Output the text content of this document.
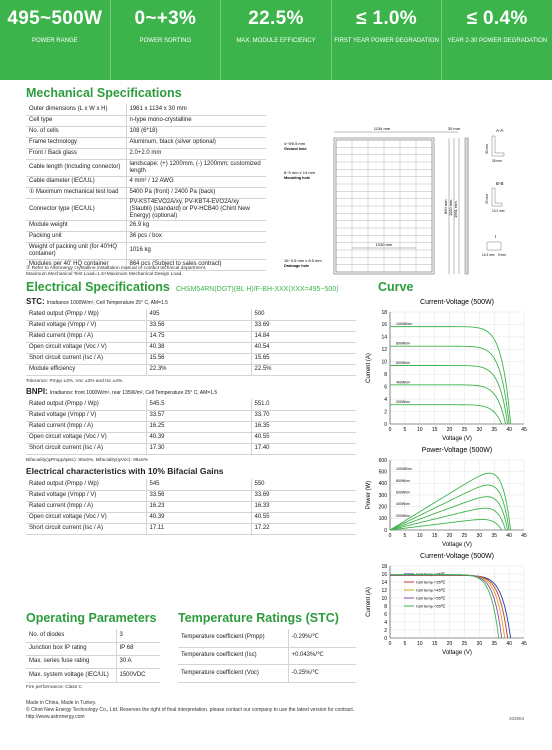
495~500W
POWER RANGE
0~+3%
POWER SORTING
22.5%
MAX. MODULE EFFICIENCY
≤ 1.0%
FIRST YEAR POWER DEGRADATION
≤ 0.4%
YEAR 2-30 POWER DEGRADATION
Mechanical Specifications
Outer dimensions (L x W x H)	1961 x 1134 x 30 mm
Cell type	n-type mono-crystalline
No. of cells	108 (6*18)
Frame technology	Aluminum, black (silver optional)
Front / Back glass	2.0+2.0 mm
Cable length (Including connector)	landscape: (+) 1200mm, (-) 1200mm; customized length
Cable diameter (IEC/UL)	4 mm² / 12 AWG
① Maximum mechanical test load	5400 Pa (front) / 2400 Pa (back)
Connector type (IEC/UL)	PV-KST4EVO2A/xy, PV-KBT4-EVO2A/xy (Staubli) (standard) or PV-HCB40 (Chint New Energy) (optional)
Module weight	26.9 kg
Packing unit	36 pcs / box
Weight of packing unit (for 40'HQ container)	1016 kg
Modules per 40' HQ container	864 pcs (Subject to sales contract)
① Refer to Astronergy crystalline installation manual or contact technical department.
Maximum Mechanical Test Load=1.5×Maximum Mechanical Design Load.
1134 mm	30 mm
4~Φ5.5 mm
Ground hole
8~9 mm x 14 mm
Mounting hole
16~3.5 mm x 8.5 mm
Drainage hole
1030 mm
860 mm 1100 mm 1961 mm
A-A
B-B
28 mm
30 mm
35 mm
13.2 mm
I
14.3 mm 9 mm
Electrical Specifications CHSM54RN(DGT)(BL H)/F-BH-XXX(XXX=495~500)
STC: Irradiance 1000W/m², Cell Temperature 25° C, AM=1.5
Rated output (Pmpp / Wp)	495	500
Rated voltage (Vmpp / V)	33.56	33.69
Rated current (Impp / A)	14.75	14.84
Open circuit voltage (Voc / V)	40.38	40.54
Short circuit current (Isc / A)	15.56	15.65
Module efficiency	22.3%	22.5%
Tolerance: Pmpp ±3%, Voc ±3% and Isc ±4%.
BNPI: Irradiance: front 1000W/m², rear 135W/m², Cell Temperature 25° C, AM=1.5
Rated output (Pmpp / Wp)	545.5	551.0
Rated voltage (Vmpp / V)	33.57	33.70
Rated current (Impp / A)	16.25	16.35
Open circuit voltage (Voc / V)	40.39	40.55
Short circuit current (Isc / A)	17.30	17.40
Bifaciality(φPmpp/φIsc): 80±5%, Bifaciality(φVoc): 98±5%
Electrical characteristics with 10% Bifacial Gains
Rated output (Pmpp / Wp)	545	550
Rated voltage (Vmpp / V)	33.56	33.69
Rated current (Impp / A)	16.23	16.33
Open circuit voltage (Voc / V)	40.39	40.55
Short circuit current (Isc / A)	17.11	17.22
Operating Parameters
No. of diodes	3
Junction box IP rating	IP 68
Max. series fuse rating	30 A
Max. system voltage (IEC/UL)	1500VDC
Fire performance: Class C
Temperature Ratings (STC)
Temperature coefficient (Pmpp)	-0.29%/℃
Temperature coefficient (Isc)	+0.043%/℃
Temperature coefficient (Voc)	-0.25%/℃
Curve
Current-Voltage (500W)
0
2
4
6
8
10
12
14
16
18
0 5 10 15 20 25 30 35 40 45
Voltage (V)
Current (A)
1000W/m²
800W/m²
600W/m²
400W/m²
200W/m²
Power-Voltage (500W)
0
100
200
300
400
500
600
0 5 10 15 20 25 30 35 40 45
Voltage (V)
Power (W)
1000W/m²
800W/m²
600W/m²
400W/m²
200W/m²
Current-Voltage (500W)
0
2
4
6
8
10
12
14
16
18
0 5 10 15 20 25 30 35 40 45
Voltage (V)
Current (A)
Cell temp.=25℃
Cell temp.=35℃
Cell temp.=45℃
Cell temp.=55℃
Cell temp.=65℃
Made in China, Made in Turkey.
© Chint New Energy Technology Co., Ltd. Reserves the right of final interpretation. please contact our company to use the latest version for contract.
http://www.astronergy.com	202504
